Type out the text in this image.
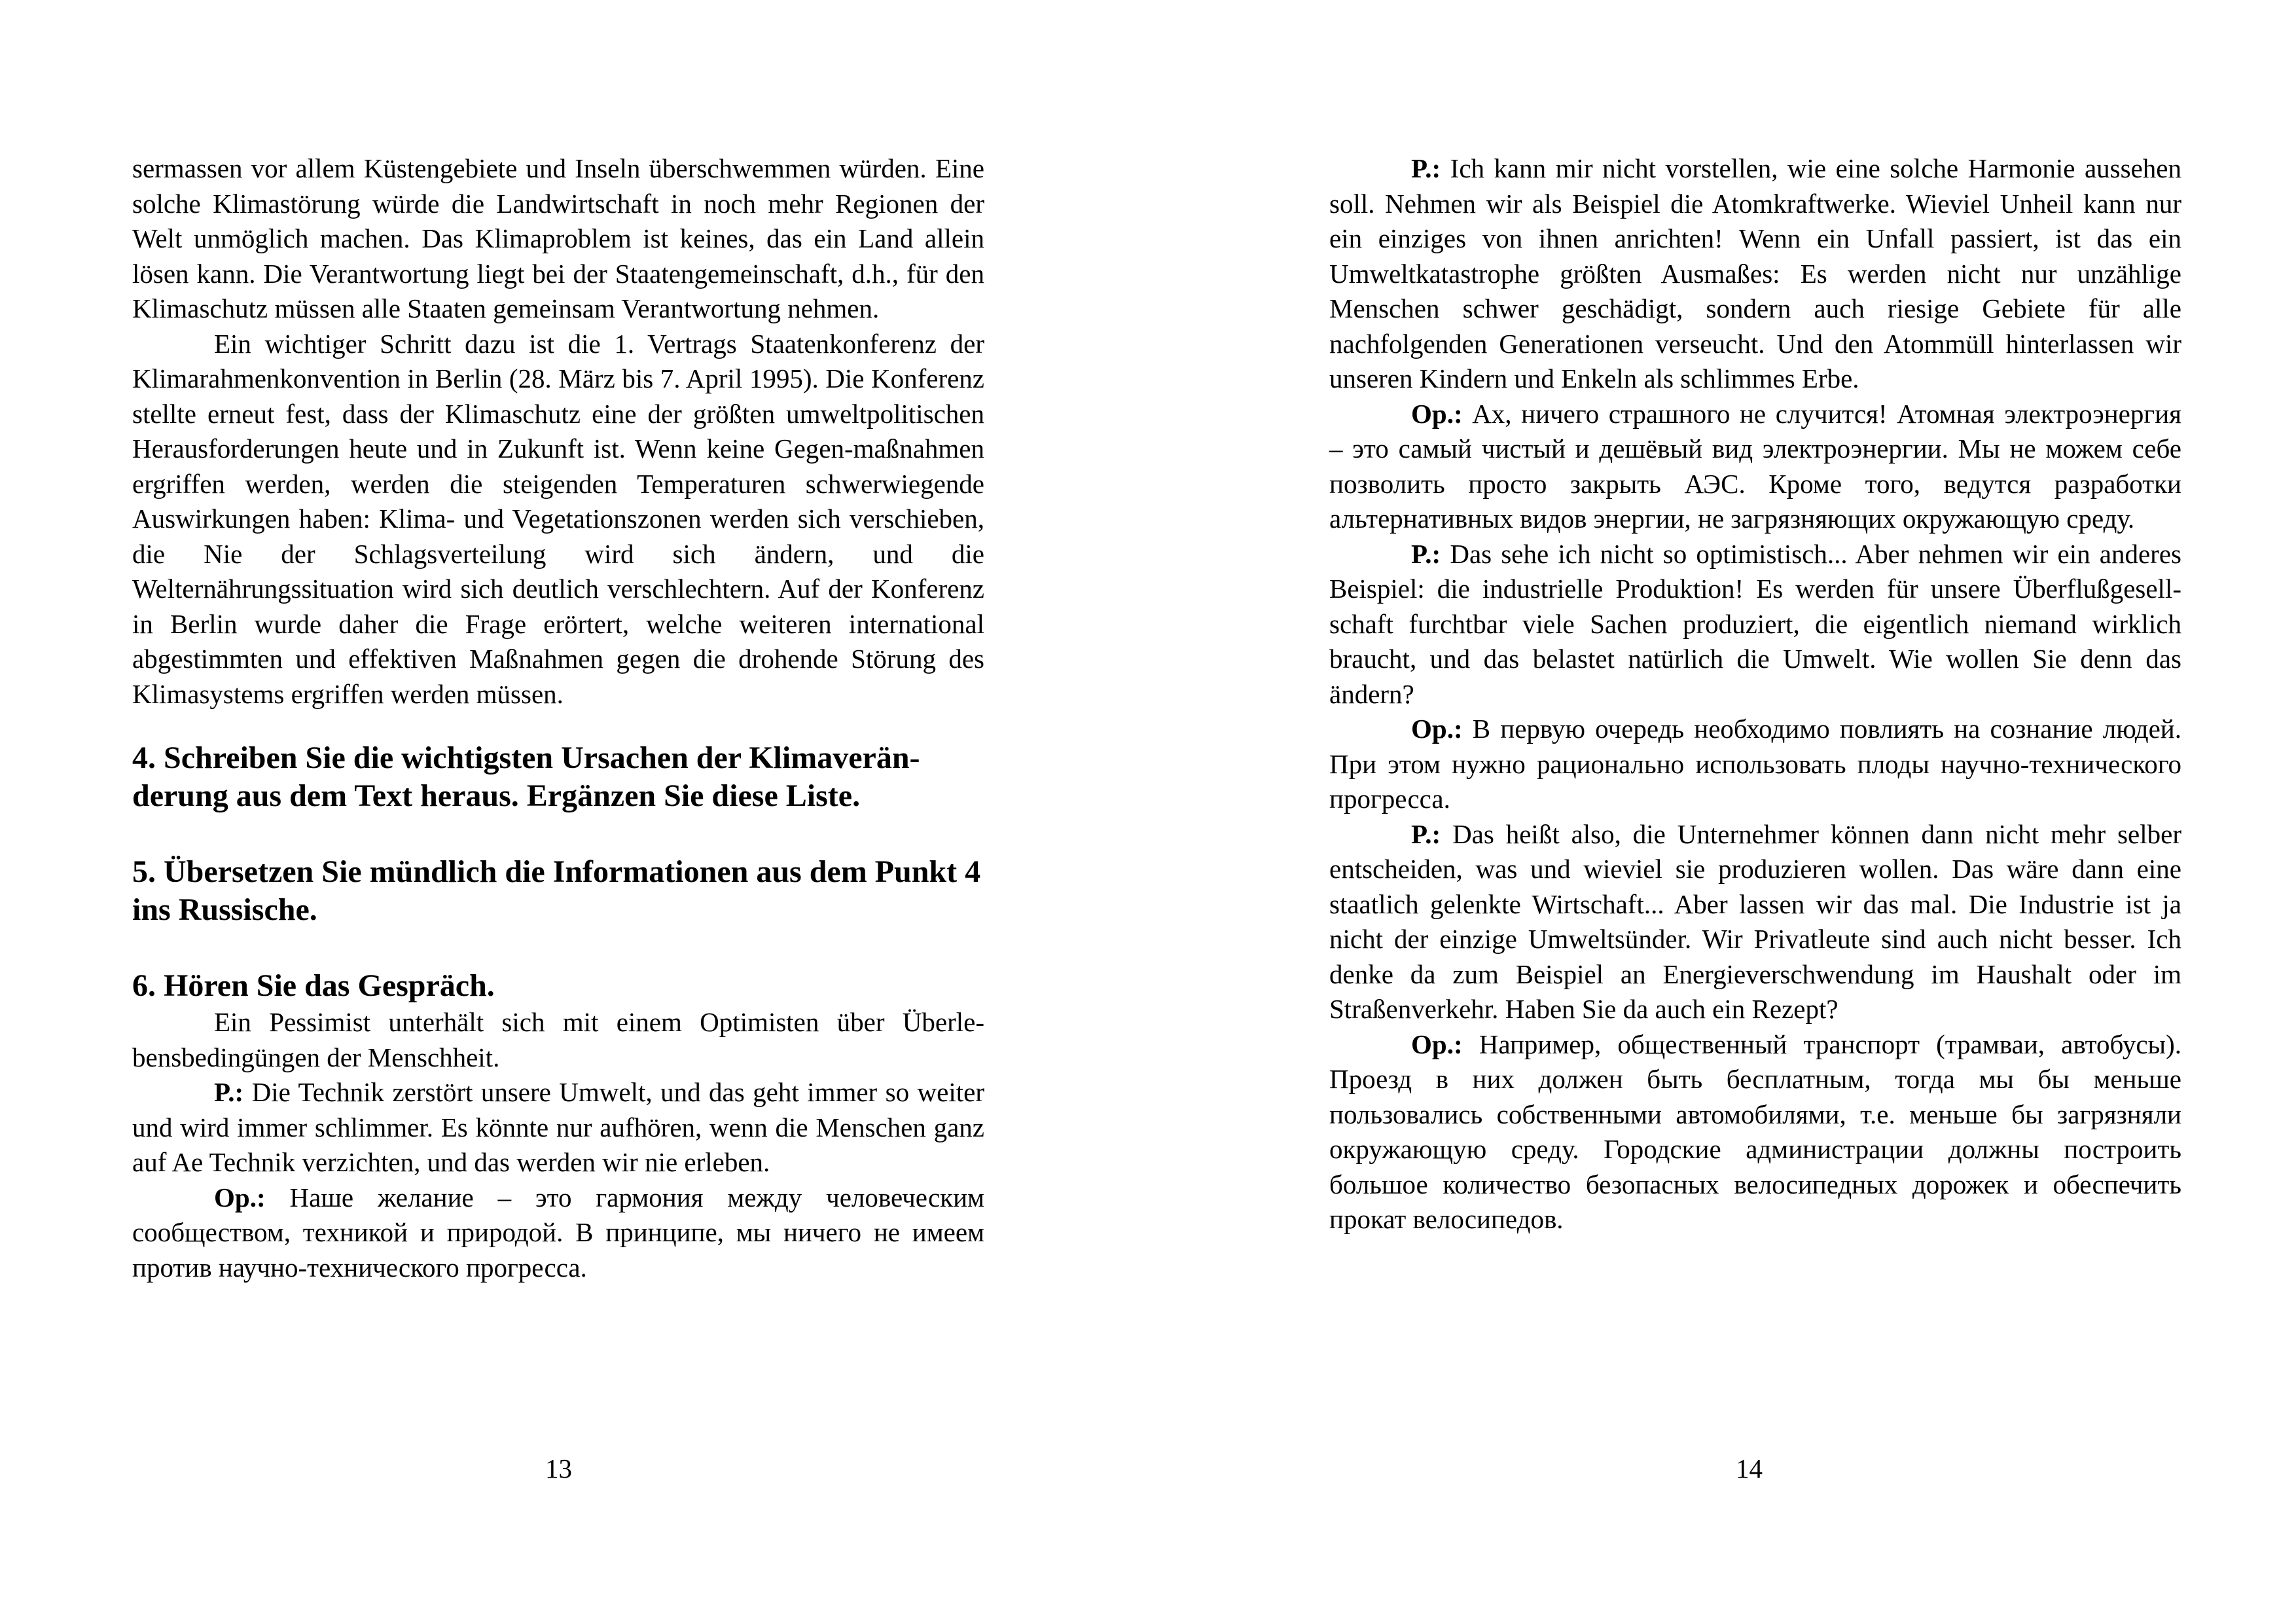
sermassen vor allem Küstengebiete und Inseln überschwemmen würden. Eine solche Klimastörung würde die Landwirtschaft in noch mehr Regionen der Welt unmöglich machen. Das Klimaproblem ist keines, das ein Land allein lösen kann. Die Verantwortung liegt bei der Staatengemeinschaft, d.h., für den Klimaschutz müssen alle Staaten gemeinsam Verantwortung nehmen.

Ein wichtiger Schritt dazu ist die 1. Vertrags Staatenkonferenz der Klimarahmenkonvention in Berlin (28. März bis 7. April 1995). Die Konferenz stellte erneut fest, dass der Klimaschutz eine der größten umweltpolitischen Herausforderungen heute und in Zukunft ist. Wenn keine Gegen-maßnahmen ergriffen werden, werden die steigenden Temperaturen schwerwiegende Auswirkungen haben: Klima- und Vegetationszonen werden sich verschieben, die Nie der Schlagsverteilung wird sich ändern, und die Welternährungssituation wird sich deutlich verschlechtern. Auf der Konferenz in Berlin wurde daher die Frage erörtert, welche weiteren international abgestimmten und effektiven Maßnahmen gegen die drohende Störung des Klimasystems ergriffen werden müssen.

4. Schreiben Sie die wichtigsten Ursachen der Klimaveränderung aus dem Text heraus. Ergänzen Sie diese Liste.

5. Übersetzen Sie mündlich die Informationen aus dem Punkt 4 ins Russische.

6. Hören Sie das Gespräch.

Ein Pessimist unterhält sich mit einem Optimisten über Überlebensbedingüngen der Menschheit.

P.: Die Technik zerstört unsere Umwelt, und das geht immer so weiter und wird immer schlimmer. Es könnte nur aufhören, wenn die Menschen ganz auf Ae Technik verzichten, und das werden wir nie erleben.

Op.: Наше желание – это гармония между человеческим сообществом, техникой и природой. В принципе, мы ничего не имеем против научно-технического прогресса.

13

P.: Ich kann mir nicht vorstellen, wie eine solche Harmonie aussehen soll. Nehmen wir als Beispiel die Atomkraftwerke. Wieviel Unheil kann nur ein einziges von ihnen anrichten! Wenn ein Unfall passiert, ist das ein Umweltkatastrophe größten Ausmaßes: Es werden nicht nur unzählige Menschen schwer geschädigt, sondern auch riesige Gebiete für alle nachfolgenden Generationen verseucht. Und den Atommüll hinterlassen wir unseren Kindern und Enkeln als schlimmes Erbe.

Op.: Ах, ничего страшного не случится! Атомная электроэнергия – это самый чистый и дешёвый вид электроэнергии. Мы не можем себе позволить просто закрыть АЭС. Кроме того, ведутся разработки альтернативных видов энергии, не загрязняющих окружающую среду.

P.: Das sehe ich nicht so optimistisch... Aber nehmen wir ein anderes Beispiel: die industrielle Produktion! Es werden für unsere Überflußgesell-schaft furchtbar viele Sachen produziert, die eigentlich niemand wirklich braucht, und das belastet natürlich die Umwelt. Wie wollen Sie denn das ändern?

Op.: В первую очередь необходимо повлиять на сознание людей. При этом нужно рационально использовать плоды научно-технического прогресса.

P.: Das heißt also, die Unternehmer können dann nicht mehr selber entscheiden, was und wieviel sie produzieren wollen. Das wäre dann eine staatlich gelenkte Wirtschaft... Aber lassen wir das mal. Die Industrie ist ja nicht der einzige Umweltsünder. Wir Privatleute sind auch nicht besser. Ich denke da zum Beispiel an Energieverschwendung im Haushalt oder im Straßenverkehr. Haben Sie da auch ein Rezept?

Op.: Например, общественный транспорт (трамваи, автобусы). Проезд в них должен быть бесплатным, тогда мы бы меньше пользовались собственными автомобилями, т.е. меньше бы загрязняли окружающую среду. Городские администрации должны построить большое количество безопасных велосипедных дорожек и обеспечить прокат велосипедов.

14
